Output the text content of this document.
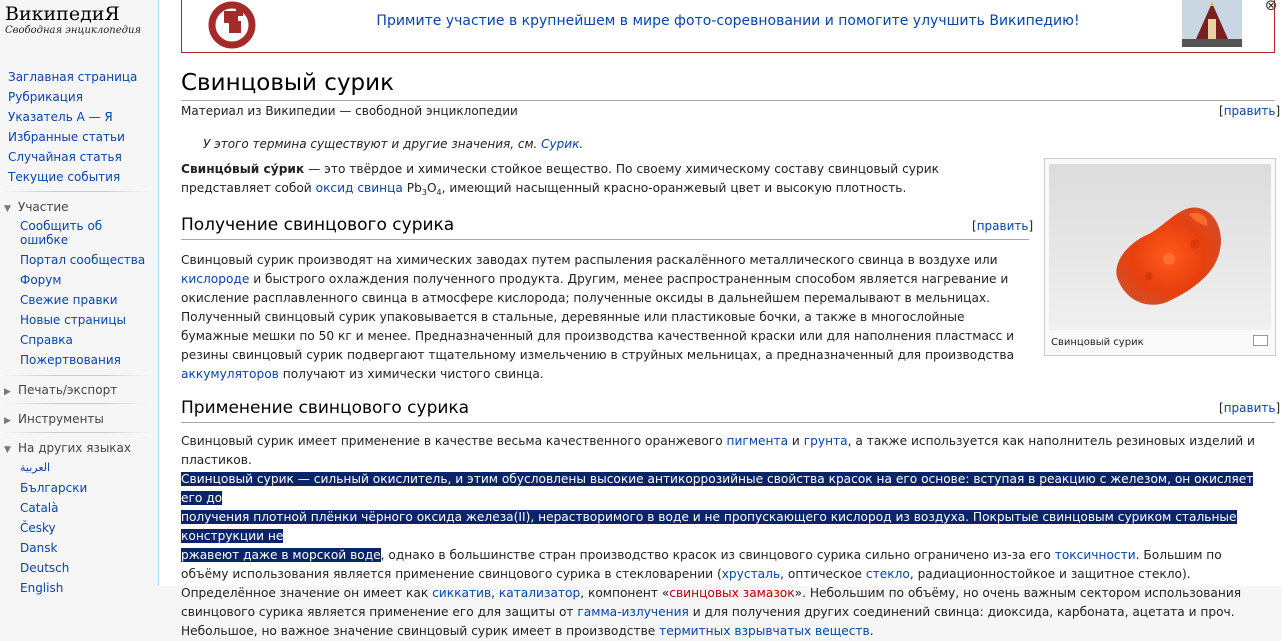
ВикипедиЯ
Свободная энциклопедия
Заглавная страница
Рубрикация
Указатель А — Я
Избранные статьи
Случайная статья
Текущие события
▼ Участие
Сообщить об ошибке
Портал сообщества
Форум
Свежие правки
Новые страницы
Справка
Пожертвования
▶ Печать/экспорт
▶ Инструменты
▼ На других языках
العربية
Български
Català
Česky
Dansk
Deutsch
English
Примите участие в крупнейшем в мире фото-соревновании и помогите улучшить Википедию!
⊗
Свинцовый сурик
Материал из Википедии — свободной энциклопедии	[править]
У этого термина существуют и другие значения, см. Сурик.

Свинцо́вый су́рик — это твёрдое и химически стойкое вещество. По своему химическому составу свинцовый сурик представляет собой оксид свинца $Pb_3O_4$, имеющий насыщенный красно-оранжевый цвет и высокую плотность.

Получение свинцового сурика	[править]

Свинцовый сурик производят на химических заводах путем распыления раскалённого металлического свинца в воздухе или кислороде и быстрого охлаждения полученного продукта. Другим, менее распространенным способом является нагревание и окисление расплавленного свинца в атмосфере кислорода; полученные оксиды в дальнейшем перемалывают в мельницах. Полученный свинцовый сурик упаковывается в стальные, деревянные или пластиковые бочки, а также в многослойные бумажные мешки по 50 кг и менее. Предназначенный для производства качественной краски или для наполнения пластмасс и резины свинцовый сурик подвергают тщательному измельчению в струйных мельницах, а предназначенный для производства аккумуляторов получают из химически чистого свинца.

Свинцовый сурик
Применение свинцового сурика	[править]

Свинцовый сурик имеет применение в качестве весьма качественного оранжевого пигмента и грунта, а также используется как наполнитель резиновых изделий и пластиков.
Свинцовый сурик — сильный окислитель, и этим обусловлены высокие антикоррозийные свойства красок на его основе: вступая в реакцию с железом, он окисляет его до
получения плотной плёнки чёрного оксида железа(II), нерастворимого в воде и не пропускающего кислород из воздуха. Покрытые свинцовым суриком стальные конструкции не
ржавеют даже в морской воде, однако в большинстве стран производство красок из свинцового сурика сильно ограничено из-за его токсичности. Большим по объёму использования является применение свинцового сурика в стекловарении (хрусталь, оптическое стекло, радиационностойкое и защитное стекло). Определённое значение он имеет как сиккатив, катализатор, компонент «свинцовых замазок». Небольшим по объёму, но очень важным сектором использования свинцового сурика является применение его для защиты от гамма-излучения и для получения других соединений свинца: диоксида, карбоната, ацетата и проч. Небольшое, но важное значение свинцовый сурик имеет в производстве термитных взрывчатых веществ.
